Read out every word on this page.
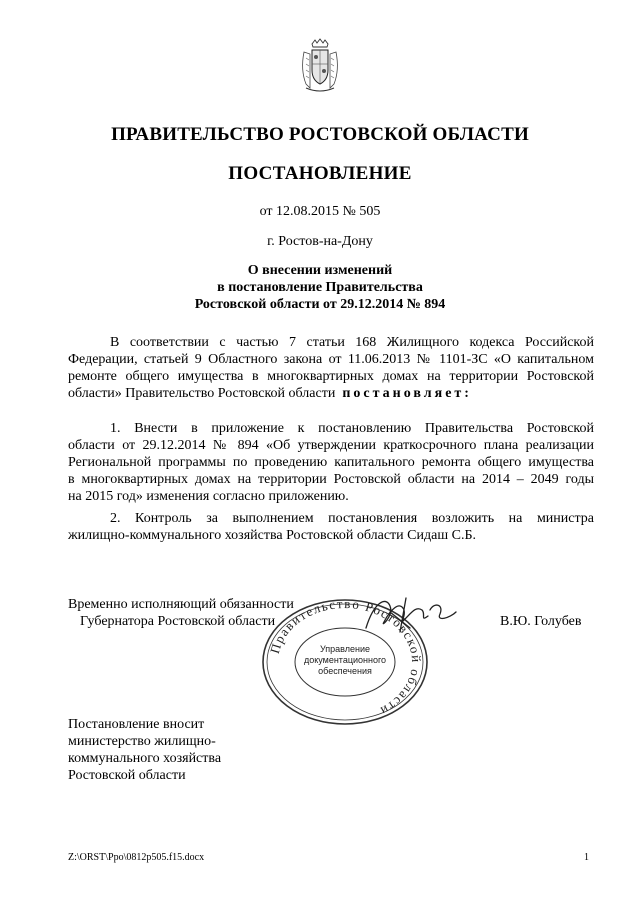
ПРАВИТЕЛЬСТВО РОСТОВСКОЙ ОБЛАСТИ
ПОСТАНОВЛЕНИЕ
от 12.08.2015 № 505
г. Ростов-на-Дону
О внесении изменений
в постановление Правительства
Ростовской области от 29.12.2014 № 894
В соответствии с частью 7 статьи 168 Жилищного кодекса Российской
Федерации, статьей 9 Областного закона от 11.06.2013 № 1101-ЗС «О капитальном
ремонте общего имущества в многоквартирных домах на территории Ростовской
области» Правительство Ростовской области постановляет:
1. Внести в приложение к постановлению Правительства Ростовской
области от 29.12.2014 № 894 «Об утверждении краткосрочного плана реализации
Региональной программы по проведению капитального ремонта общего имущества
в многоквартирных домах на территории Ростовской области на 2014 – 2049 годы
на 2015 год» изменения согласно приложению.
2. Контроль за выполнением постановления возложить на министра
жилищно-коммунального хозяйства Ростовской области Сидаш С.Б.
Временно исполняющий обязанности
Губернатора Ростовской области
Правительство Ростовской области
Управление
документационного
обеспечения
В.Ю. Голубев
Постановление вносит
министерство жилищно-
коммунального хозяйства
Ростовской области
Z:\ORST\Ppo\0812p505.f15.docx	1
